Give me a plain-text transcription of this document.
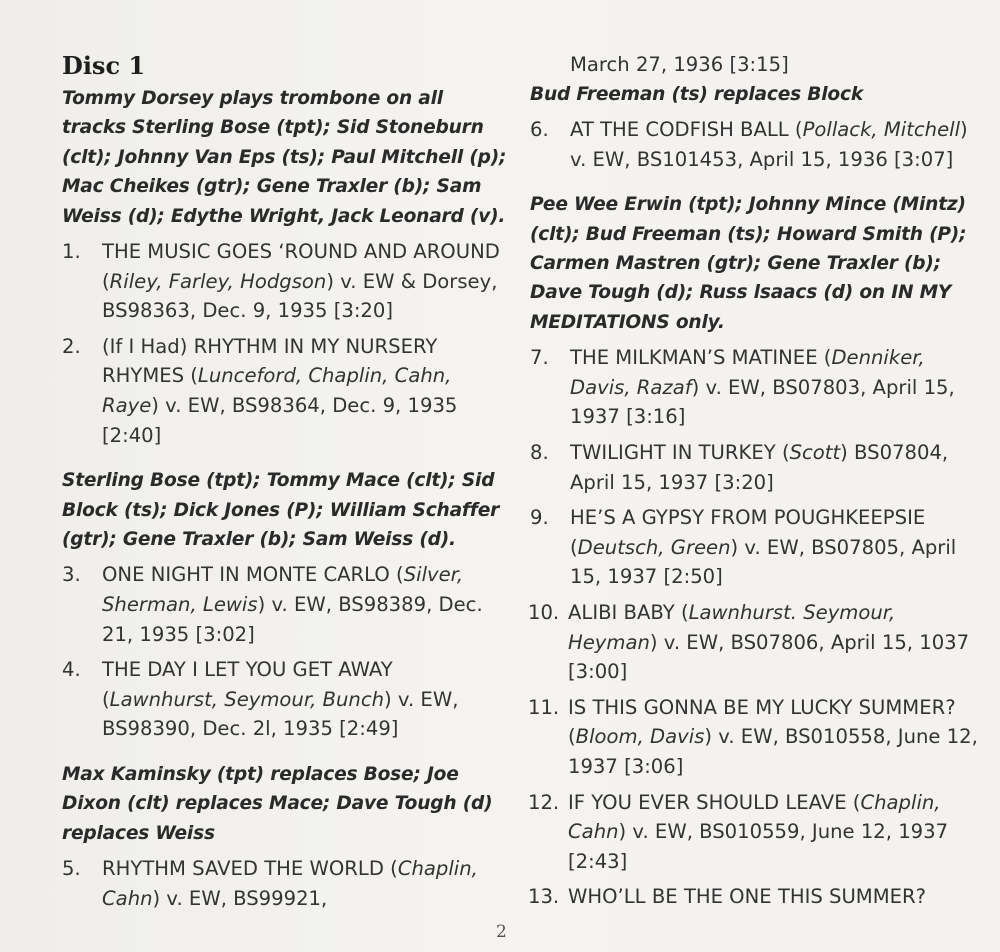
Disc 1

Tommy Dorsey plays trombone on all tracks Sterling Bose (tpt); Sid Stoneburn (clt); Johnny Van Eps (ts); Paul Mitchell (p); Mac Cheikes (gtr); Gene Traxler (b); Sam Weiss (d); Edythe Wright, Jack Leonard (v).

1.	THE MUSIC GOES ‘ROUND AND AROUND (Riley, Farley, Hodgson) v. EW & Dorsey, BS98363, Dec. 9, 1935 [3:20]
2.	(If I Had) RHYTHM IN MY NURSERY RHYMES (Lunceford, Chaplin, Cahn, Raye) v. EW, BS98364, Dec. 9, 1935 [2:40]

Sterling Bose (tpt); Tommy Mace (clt); Sid Block (ts); Dick Jones (P); William Schaffer (gtr); Gene Traxler (b); Sam Weiss (d).

3.	ONE NIGHT IN MONTE CARLO (Silver, Sherman, Lewis) v. EW, BS98389, Dec. 21, 1935 [3:02]
4.	THE DAY I LET YOU GET AWAY (Lawnhurst, Seymour, Bunch) v. EW, BS98390, Dec. 2l, 1935 [2:49]

Max Kaminsky (tpt) replaces Bose; Joe Dixon (clt) replaces Mace; Dave Tough (d) replaces Weiss

5.	RHYTHM SAVED THE WORLD (Chaplin, Cahn) v. EW, BS99921,
March 27, 1936 [3:15]

Bud Freeman (ts) replaces Block

6.	AT THE CODFISH BALL (Pollack, Mitchell) v. EW, BS101453, April 15, 1936 [3:07]

Pee Wee Erwin (tpt); Johnny Mince (Mintz) (clt); Bud Freeman (ts); Howard Smith (P); Carmen Mastren (gtr); Gene Traxler (b); Dave Tough (d); Russ lsaacs (d) on IN MY MEDITATIONS only.

7.	THE MILKMAN’S MATINEE (Denniker, Davis, Razaf) v. EW, BS07803, April 15, 1937 [3:16]
8.	TWILIGHT IN TURKEY (Scott) BS07804, April 15, 1937 [3:20]
9.	HE’S A GYPSY FROM POUGHKEEPSIE (Deutsch, Green) v. EW, BS07805, April 15, 1937 [2:50]
10. ALIBI BABY (Lawnhurst. Seymour, Heyman) v. EW, BS07806, April 15, 1037 [3:00]
11. IS THIS GONNA BE MY LUCKY SUMMER? (Bloom, Davis) v. EW, BS010558, June 12, 1937 [3:06]
12. IF YOU EVER SHOULD LEAVE (Chaplin, Cahn) v. EW, BS010559, June 12, 1937 [2:43]
13. WHO’LL BE THE ONE THIS SUMMER?
2
